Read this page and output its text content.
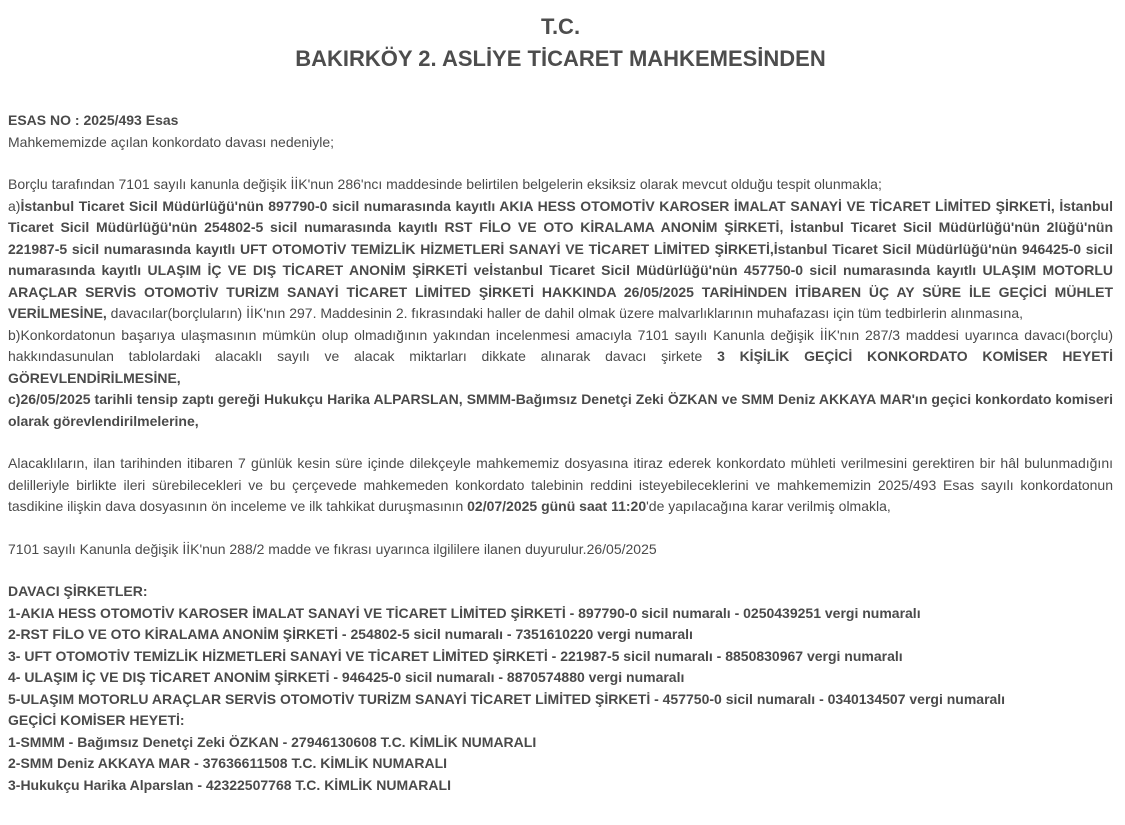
T.C.
BAKIRKÖY 2. ASLİYE TİCARET MAHKEMESİNDEN

ESAS NO : 2025/493 Esas

Mahkememizde açılan konkordato davası nedeniyle;

Borçlu tarafından 7101 sayılı kanunla değişik İİK'nun 286'ncı maddesinde belirtilen belgelerin eksiksiz olarak mevcut olduğu tespit olunmakla;

a)İstanbul Ticaret Sicil Müdürlüğü'nün 897790-0 sicil numarasında kayıtlı AKIA HESS OTOMOTİV KAROSER İMALAT SANAYİ VE TİCARET LİMİTED ŞİRKETİ, İstanbul Ticaret Sicil Müdürlüğü'nün 254802-5 sicil numarasında kayıtlı RST FİLO VE OTO KİRALAMA ANONİM ŞİRKETİ, İstanbul Ticaret Sicil Müdürlüğü'nün 2lüğü'nün 221987-5 sicil numarasında kayıtlı UFT OTOMOTİV TEMİZLİK HİZMETLERİ SANAYİ VE TİCARET LİMİTED ŞİRKETİ,İstanbul Ticaret Sicil Müdürlüğü'nün 946425-0 sicil numarasında kayıtlı ULAŞIM İÇ VE DIŞ TİCARET ANONİM ŞİRKETİ veİstanbul Ticaret Sicil Müdürlüğü'nün 457750-0 sicil numarasında kayıtlı ULAŞIM MOTORLU ARAÇLAR SERVİS OTOMOTİV TURİZM SANAYİ TİCARET LİMİTED ŞİRKETİ HAKKINDA 26/05/2025 TARİHİNDEN İTİBAREN ÜÇ AY SÜRE İLE GEÇİCİ MÜHLET VERİLMESİNE, davacılar(borçluların) İİK'nın 297. Maddesinin 2. fıkrasındaki haller de dahil olmak üzere malvarlıklarının muhafazası için tüm tedbirlerin alınmasına,

b)Konkordatonun başarıya ulaşmasının mümkün olup olmadığının yakından incelenmesi amacıyla 7101 sayılı Kanunla değişik İİK'nın 287/3 maddesi uyarınca davacı(borçlu) hakkındasunulan tablolardaki alacaklı sayılı ve alacak miktarları dikkate alınarak davacı şirkete 3 KİŞİLİK GEÇİCİ KONKORDATO KOMİSER HEYETİ GÖREVLENDİRİLMESİNE,

c)26/05/2025 tarihli tensip zaptı gereği Hukukçu Harika ALPARSLAN, SMMM-Bağımsız Denetçi Zeki ÖZKAN ve SMM Deniz AKKAYA MAR'ın geçici konkordato komiseri olarak görevlendirilmelerine,

Alacaklıların, ilan tarihinden itibaren 7 günlük kesin süre içinde dilekçeyle mahkememiz dosyasına itiraz ederek konkordato mühleti verilmesini gerektiren bir hâl bulunmadığını delilleriyle birlikte ileri sürebilecekleri ve bu çerçevede mahkemeden konkordato talebinin reddini isteyebileceklerini ve mahkememizin 2025/493 Esas sayılı konkordatonun tasdikine ilişkin dava dosyasının ön inceleme ve ilk tahkikat duruşmasının 02/07/2025 günü saat 11:20'de yapılacağına karar verilmiş olmakla,

7101 sayılı Kanunla değişik İİK'nun 288/2 madde ve fıkrası uyarınca ilgililere ilanen duyurulur.26/05/2025

DAVACI ŞİRKETLER:
1-AKIA HESS OTOMOTİV KAROSER İMALAT SANAYİ VE TİCARET LİMİTED ŞİRKETİ - 897790-0 sicil numaralı - 0250439251 vergi numaralı
2-RST FİLO VE OTO KİRALAMA ANONİM ŞİRKETİ - 254802-5 sicil numaralı - 7351610220 vergi numaralı
3- UFT OTOMOTİV TEMİZLİK HİZMETLERİ SANAYİ VE TİCARET LİMİTED ŞİRKETİ - 221987-5 sicil numaralı - 8850830967 vergi numaralı
4- ULAŞIM İÇ VE DIŞ TİCARET ANONİM ŞİRKETİ - 946425-0 sicil numaralı - 8870574880 vergi numaralı
5-ULAŞIM MOTORLU ARAÇLAR SERVİS OTOMOTİV TURİZM SANAYİ TİCARET LİMİTED ŞİRKETİ - 457750-0 sicil numaralı - 0340134507 vergi numaralı
GEÇİCİ KOMİSER HEYETİ:
1-SMMM - Bağımsız Denetçi Zeki ÖZKAN - 27946130608 T.C. KİMLİK NUMARALI
2-SMM Deniz AKKAYA MAR - 37636611508 T.C. KİMLİK NUMARALI
3-Hukukçu Harika Alparslan - 42322507768 T.C. KİMLİK NUMARALI
